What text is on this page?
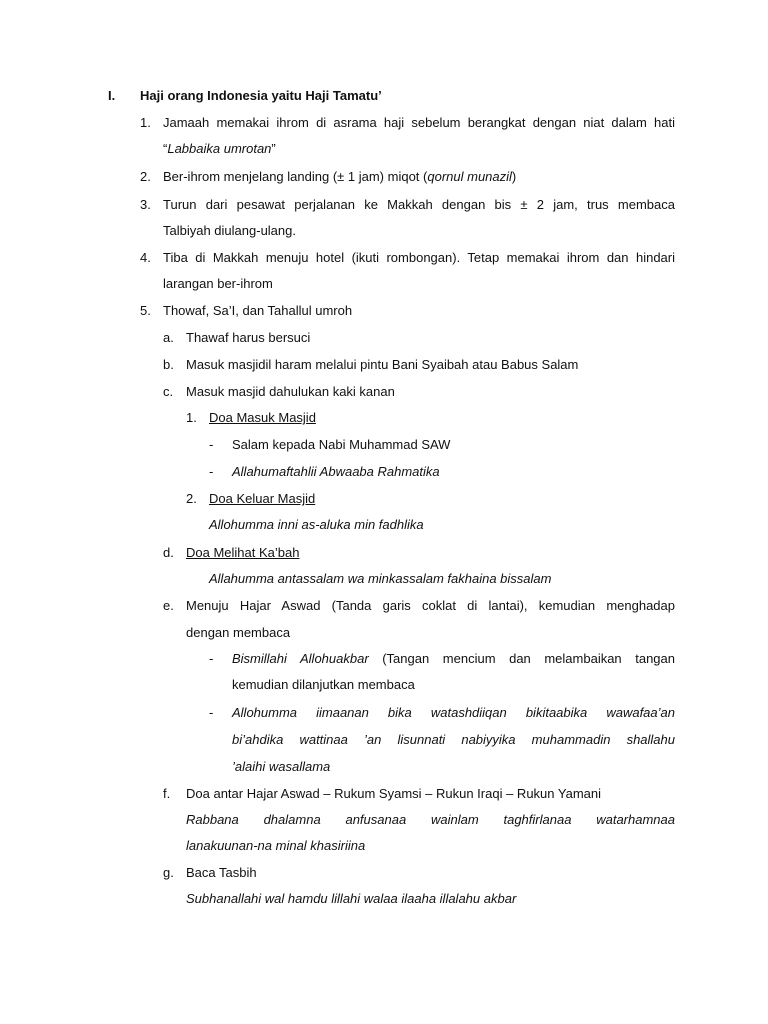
I. Haji orang Indonesia yaitu Haji Tamatu’
1. Jamaah memakai ihrom di asrama haji sebelum berangkat dengan niat dalam hati
“Labbaika umrotan”
2. Ber-ihrom menjelang landing (± 1 jam) miqot (qornul munazil)
3. Turun dari pesawat perjalanan ke Makkah dengan bis ± 2 jam, trus membaca
Talbiyah diulang-ulang.
4. Tiba di Makkah menuju hotel (ikuti rombongan). Tetap memakai ihrom dan hindari
larangan ber-ihrom
5. Thowaf, Sa’I, dan Tahallul umroh
a. Thawaf harus bersuci
b. Masuk masjidil haram melalui pintu Bani Syaibah atau Babus Salam
c. Masuk masjid dahulukan kaki kanan
1. Doa Masuk Masjid
- Salam kepada Nabi Muhammad SAW
- Allahumaftahlii Abwaaba Rahmatika
2. Doa Keluar Masjid
Allohumma inni as-aluka min fadhlika
d. Doa Melihat Ka’bah
Allahumma antassalam wa minkassalam fakhaina bissalam
e. Menuju Hajar Aswad (Tanda garis coklat di lantai), kemudian menghadap
dengan membaca
- Bismillahi Allohuakbar (Tangan mencium dan melambaikan tangan
kemudian dilanjutkan membaca
- Allohumma iimaanan bika watashdiiqan bikitaabika wawafaa’an
bi’ahdika wattinaa ’an lisunnati nabiyyika muhammadin shallahu
’alaihi wasallama
f. Doa antar Hajar Aswad – Rukum Syamsi – Rukun Iraqi – Rukun Yamani
Rabbana dhalamna anfusanaa wainlam taghfirlanaa watarhamnaa
lanakuunan-na minal khasiriina
g. Baca Tasbih
Subhanallahi wal hamdu lillahi walaa ilaaha illalahu akbar
